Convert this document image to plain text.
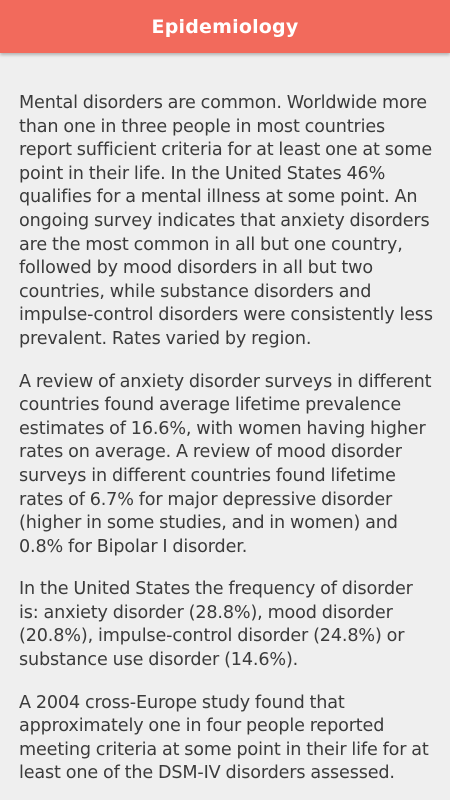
Epidemiology

Mental disorders are common. Worldwide more than one in three people in most countries report sufficient criteria for at least one at some point in their life. In the United States 46% qualifies for a mental illness at some point. An ongoing survey indicates that anxiety disorders are the most common in all but one country, followed by mood disorders in all but two countries, while substance disorders and impulse-control disorders were consistently less prevalent. Rates varied by region.

A review of anxiety disorder surveys in different countries found average lifetime prevalence estimates of 16.6%, with women having higher rates on average. A review of mood disorder surveys in different countries found lifetime rates of 6.7% for major depressive disorder (higher in some studies, and in women) and 0.8% for Bipolar I disorder.

In the United States the frequency of disorder is: anxiety disorder (28.8%), mood disorder (20.8%), impulse-control disorder (24.8%) or substance use disorder (14.6%).

A 2004 cross-Europe study found that approximately one in four people reported meeting criteria at some point in their life for at least one of the DSM-IV disorders assessed.
